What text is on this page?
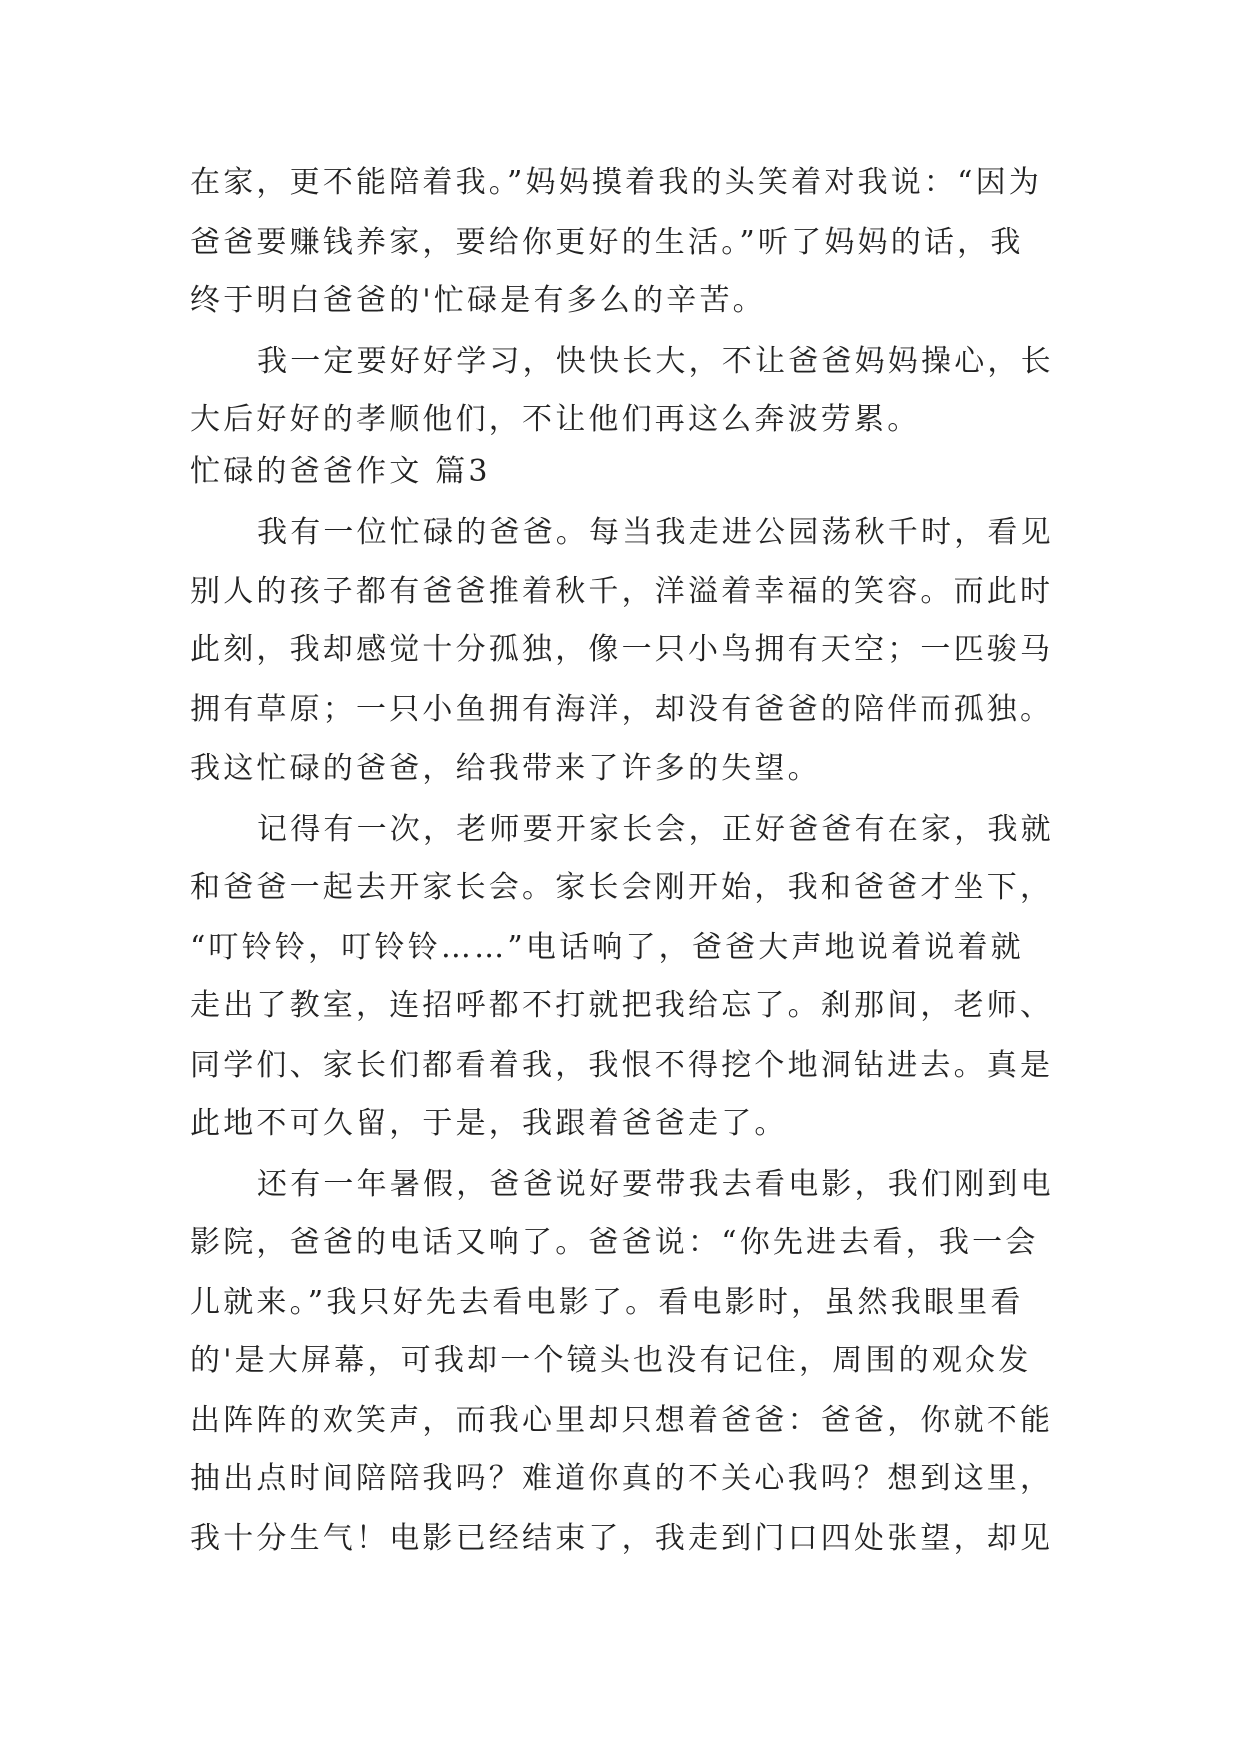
在家，更不能陪着我。”妈妈摸着我的头笑着对我说：“因为
爸爸要赚钱养家，要给你更好的生活。”听了妈妈的话，我
终于明白爸爸的'忙碌是有多么的辛苦。
我一定要好好学习，快快长大，不让爸爸妈妈操心，长
大后好好的孝顺他们，不让他们再这么奔波劳累。
忙碌的爸爸作文 篇3
我有一位忙碌的爸爸。每当我走进公园荡秋千时，看见
别人的孩子都有爸爸推着秋千，洋溢着幸福的笑容。而此时
此刻，我却感觉十分孤独，像一只小鸟拥有天空；一匹骏马
拥有草原；一只小鱼拥有海洋，却没有爸爸的陪伴而孤独。
我这忙碌的爸爸，给我带来了许多的失望。
记得有一次，老师要开家长会，正好爸爸有在家，我就
和爸爸一起去开家长会。家长会刚开始，我和爸爸才坐下，
“叮铃铃，叮铃铃……”电话响了，爸爸大声地说着说着就
走出了教室，连招呼都不打就把我给忘了。刹那间，老师、
同学们、家长们都看着我，我恨不得挖个地洞钻进去。真是
此地不可久留，于是，我跟着爸爸走了。
还有一年暑假，爸爸说好要带我去看电影，我们刚到电
影院，爸爸的电话又响了。爸爸说：“你先进去看，我一会
儿就来。”我只好先去看电影了。看电影时，虽然我眼里看
的'是大屏幕，可我却一个镜头也没有记住，周围的观众发
出阵阵的欢笑声，而我心里却只想着爸爸：爸爸，你就不能
抽出点时间陪陪我吗？难道你真的不关心我吗？想到这里，
我十分生气！电影已经结束了，我走到门口四处张望，却见
